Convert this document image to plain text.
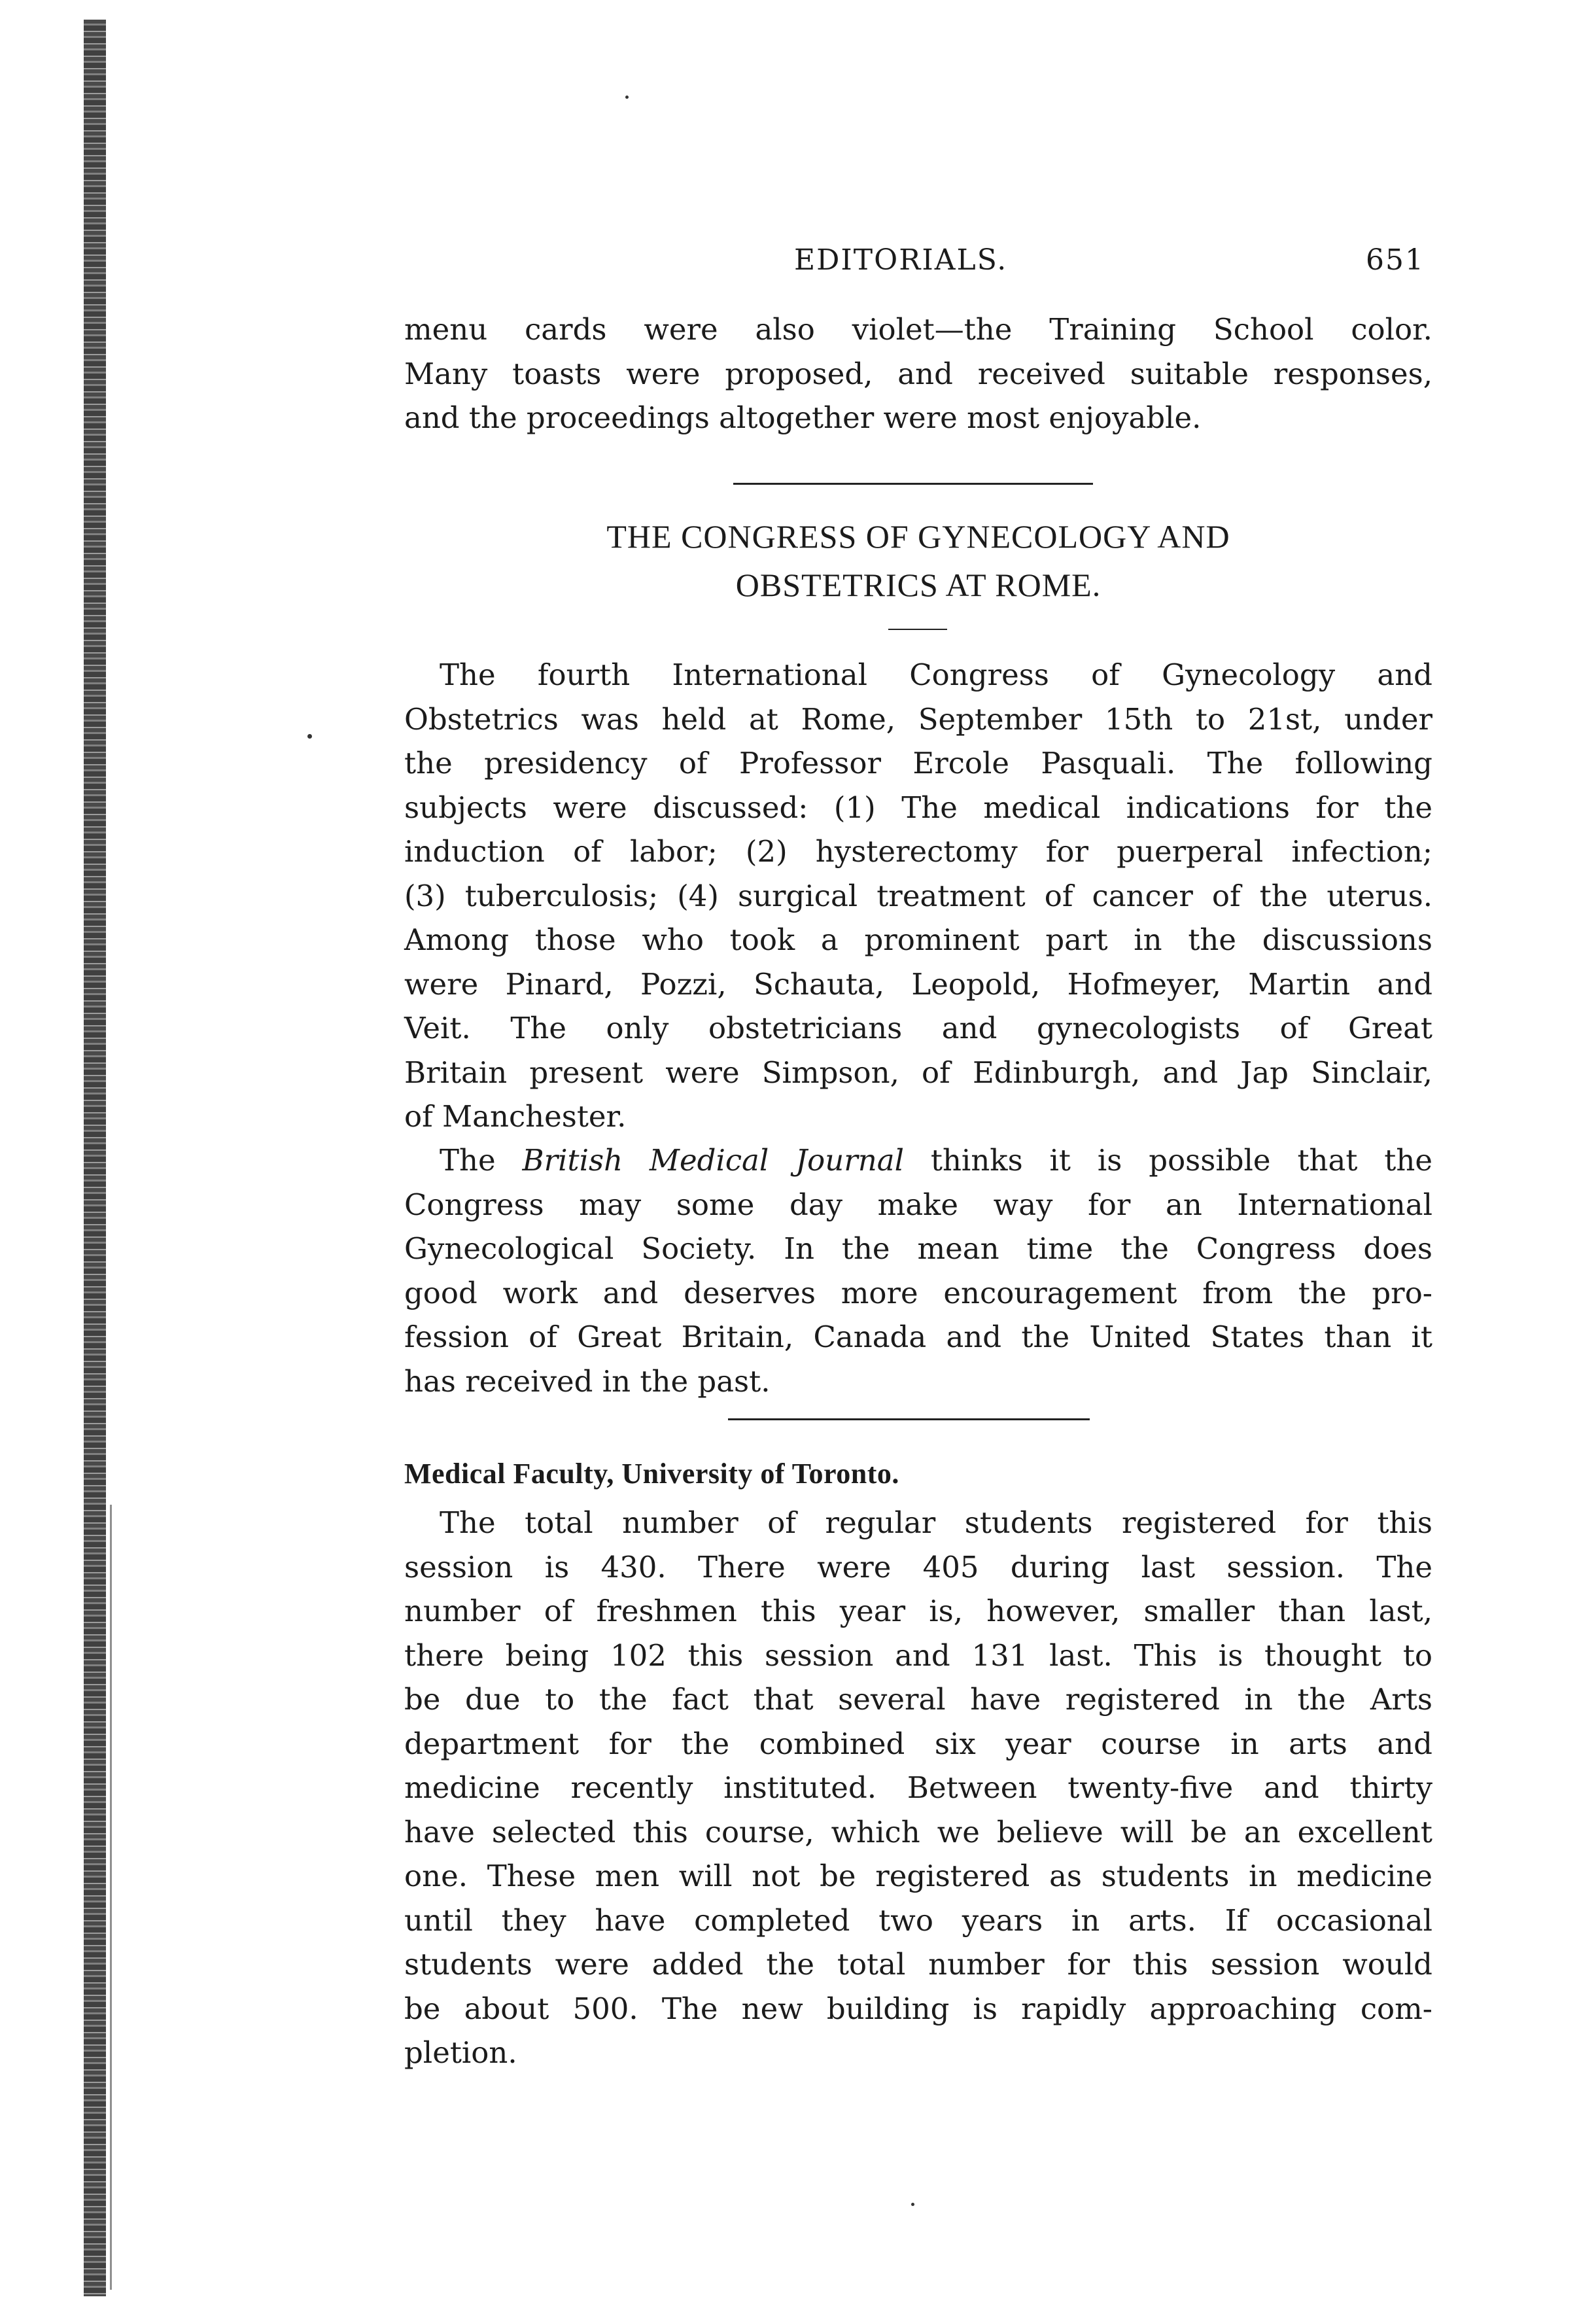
EDITORIALS.	651
menu cards were also violet—the Training School color.
Many toasts were proposed, and received suitable responses,
and the proceedings altogether were most enjoyable.
THE CONGRESS OF GYNECOLOGY AND
OBSTETRICS AT ROME.
The fourth International Congress of Gynecology and
Obstetrics was held at Rome, September 15th to 21st, under
the presidency of Professor Ercole Pasquali. The following
subjects were discussed: (1) The medical indications for the
induction of labor; (2) hysterectomy for puerperal infection;
(3) tuberculosis; (4) surgical treatment of cancer of the uterus.
Among those who took a prominent part in the discussions
were Pinard, Pozzi, Schauta, Leopold, Hofmeyer, Martin and
Veit. The only obstetricians and gynecologists of Great
Britain present were Simpson, of Edinburgh, and Jap Sinclair,
of Manchester.
The British Medical Journal thinks it is possible that the
Congress may some day make way for an International
Gynecological Society. In the mean time the Congress does
good work and deserves more encouragement from the pro-
fession of Great Britain, Canada and the United States than it
has received in the past.
Medical Faculty, University of Toronto.
The total number of regular students registered for this
session is 430. There were 405 during last session. The
number of freshmen this year is, however, smaller than last,
there being 102 this session and 131 last. This is thought to
be due to the fact that several have registered in the Arts
department for the combined six year course in arts and
medicine recently instituted. Between twenty-five and thirty
have selected this course, which we believe will be an excellent
one. These men will not be registered as students in medicine
until they have completed two years in arts. If occasional
students were added the total number for this session would
be about 500. The new building is rapidly approaching com-
pletion.
